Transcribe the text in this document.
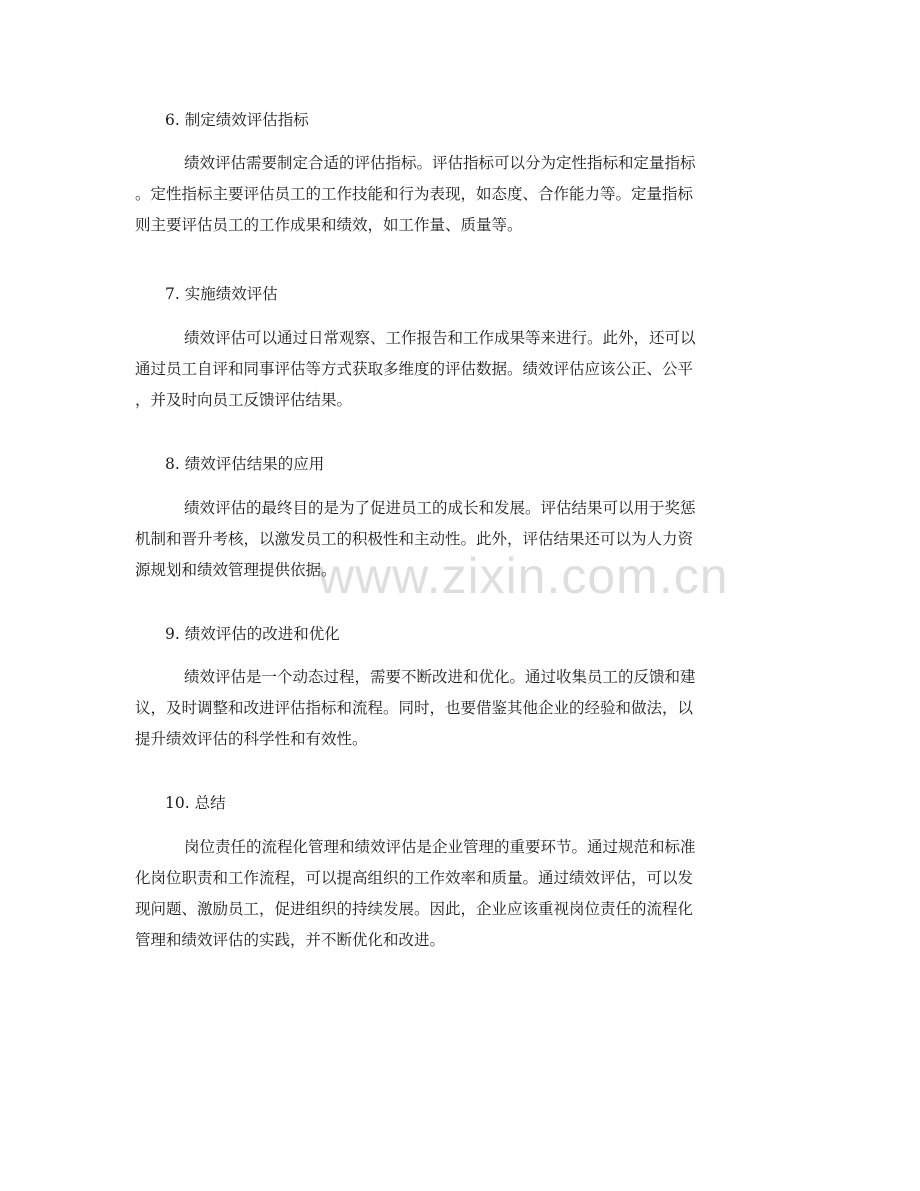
6. 制定绩效评估指标
绩效评估需要制定合适的评估指标。评估指标可以分为定性指标和定量指标
。定性指标主要评估员工的工作技能和行为表现，如态度、合作能力等。定量指标
则主要评估员工的工作成果和绩效，如工作量、质量等。
7. 实施绩效评估
绩效评估可以通过日常观察、工作报告和工作成果等来进行。此外，还可以
通过员工自评和同事评估等方式获取多维度的评估数据。绩效评估应该公正、公平
，并及时向员工反馈评估结果。
8. 绩效评估结果的应用
绩效评估的最终目的是为了促进员工的成长和发展。评估结果可以用于奖惩
机制和晋升考核，以激发员工的积极性和主动性。此外，评估结果还可以为人力资
源规划和绩效管理提供依据。
9. 绩效评估的改进和优化
绩效评估是一个动态过程，需要不断改进和优化。通过收集员工的反馈和建
议，及时调整和改进评估指标和流程。同时，也要借鉴其他企业的经验和做法，以
提升绩效评估的科学性和有效性。
10. 总结
岗位责任的流程化管理和绩效评估是企业管理的重要环节。通过规范和标准
化岗位职责和工作流程，可以提高组织的工作效率和质量。通过绩效评估，可以发
现问题、激励员工，促进组织的持续发展。因此，企业应该重视岗位责任的流程化
管理和绩效评估的实践，并不断优化和改进。
www.zixin.com.cn
